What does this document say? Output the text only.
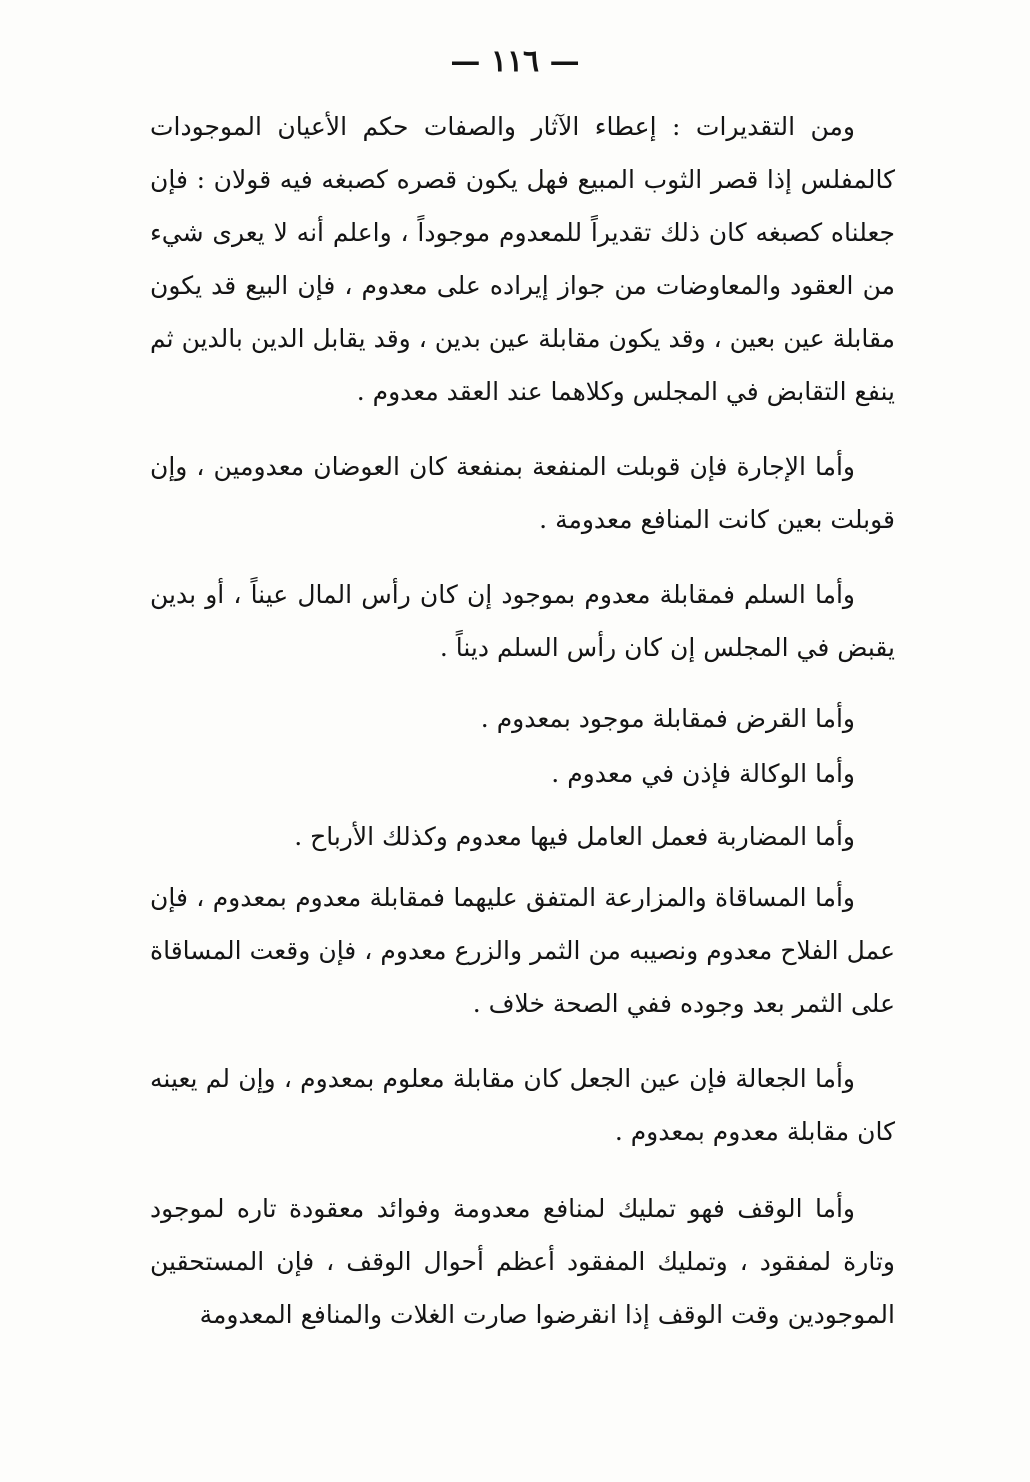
— ١١٦ —

ومن التقديرات : إعطاء الآثار والصفات حكم الأعيان الموجودات كالمفلس إذا قصر الثوب المبيع فهل يكون قصره كصبغه فيه قولان : فإن جعلناه كصبغه كان ذلك تقديراً للمعدوم موجوداً ، واعلم أنه لا يعرى شيء من العقود والمعاوضات من جواز إيراده على معدوم ، فإن البيع قد يكون مقابلة عين بعين ، وقد يكون مقابلة عين بدين ، وقد يقابل الدين بالدين ثم ينفع التقابض في المجلس وكلاهما عند العقد معدوم .

وأما الإجارة فإن قوبلت المنفعة بمنفعة كان العوضان معدومين ، وإن قوبلت بعين كانت المنافع معدومة .

وأما السلم فمقابلة معدوم بموجود إن كان رأس المال عيناً ، أو بدين يقبض في المجلس إن كان رأس السلم ديناً .

وأما القرض فمقابلة موجود بمعدوم .

وأما الوكالة فإذن في معدوم .

وأما المضاربة فعمل العامل فيها معدوم وكذلك الأرباح .

وأما المساقاة والمزارعة المتفق عليهما فمقابلة معدوم بمعدوم ، فإن عمل الفلاح معدوم ونصيبه من الثمر والزرع معدوم ، فإن وقعت المساقاة على الثمر بعد وجوده ففي الصحة خلاف .

وأما الجعالة فإن عين الجعل كان مقابلة معلوم بمعدوم ، وإن لم يعينه كان مقابلة معدوم بمعدوم .

وأما الوقف فهو تمليك لمنافع معدومة وفوائد معقودة تاره لموجود وتارة لمفقود ، وتمليك المفقود أعظم أحوال الوقف ، فإن المستحقين الموجودين وقت الوقف إذا انقرضوا صارت الغلات والمنافع المعدومة
